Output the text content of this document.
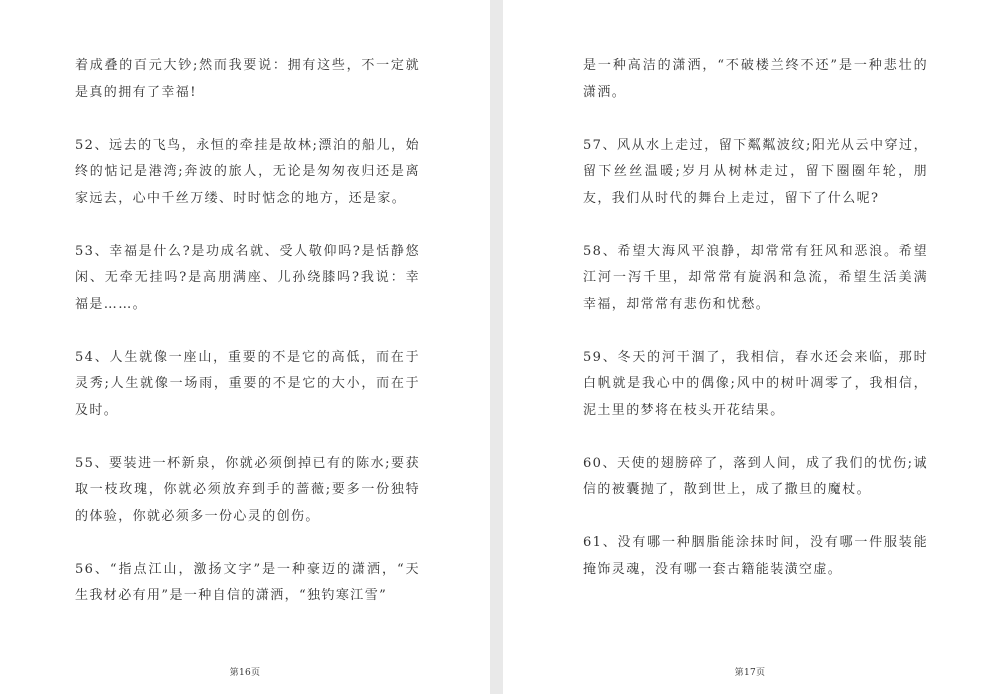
着成叠的百元大钞;然而我要说：拥有这些，不一定就是真的拥有了幸福!

52、远去的飞鸟，永恒的牵挂是故林;漂泊的船儿，始终的惦记是港湾;奔波的旅人，无论是匆匆夜归还是离家远去，心中千丝万缕、时时惦念的地方，还是家。

53、幸福是什么?是功成名就、受人敬仰吗?是恬静悠闲、无牵无挂吗?是高朋满座、儿孙绕膝吗?我说：幸福是……。

54、人生就像一座山，重要的不是它的高低，而在于灵秀;人生就像一场雨，重要的不是它的大小，而在于及时。

55、要装进一杯新泉，你就必须倒掉已有的陈水;要获取一枝玫瑰，你就必须放弃到手的蔷薇;要多一份独特的体验，你就必须多一份心灵的创伤。

56、“指点江山，激扬文字”是一种豪迈的潇洒，“天生我材必有用”是一种自信的潇洒，“独钓寒江雪”

第16页

是一种高洁的潇洒，“不破楼兰终不还”是一种悲壮的潇洒。

57、风从水上走过，留下粼粼波纹;阳光从云中穿过，留下丝丝温暖;岁月从树林走过，留下圈圈年轮，朋友，我们从时代的舞台上走过，留下了什么呢?

58、希望大海风平浪静，却常常有狂风和恶浪。希望江河一泻千里，却常常有旋涡和急流，希望生活美满幸福，却常常有悲伤和忧愁。

59、冬天的河干涸了，我相信，春水还会来临，那时白帆就是我心中的偶像;风中的树叶凋零了，我相信，泥土里的梦将在枝头开花结果。

60、天使的翅膀碎了，落到人间，成了我们的忧伤;诚信的被囊抛了，散到世上，成了撒旦的魔杖。

61、没有哪一种胭脂能涂抹时间，没有哪一件服装能掩饰灵魂，没有哪一套古籍能装潢空虚。

第17页
